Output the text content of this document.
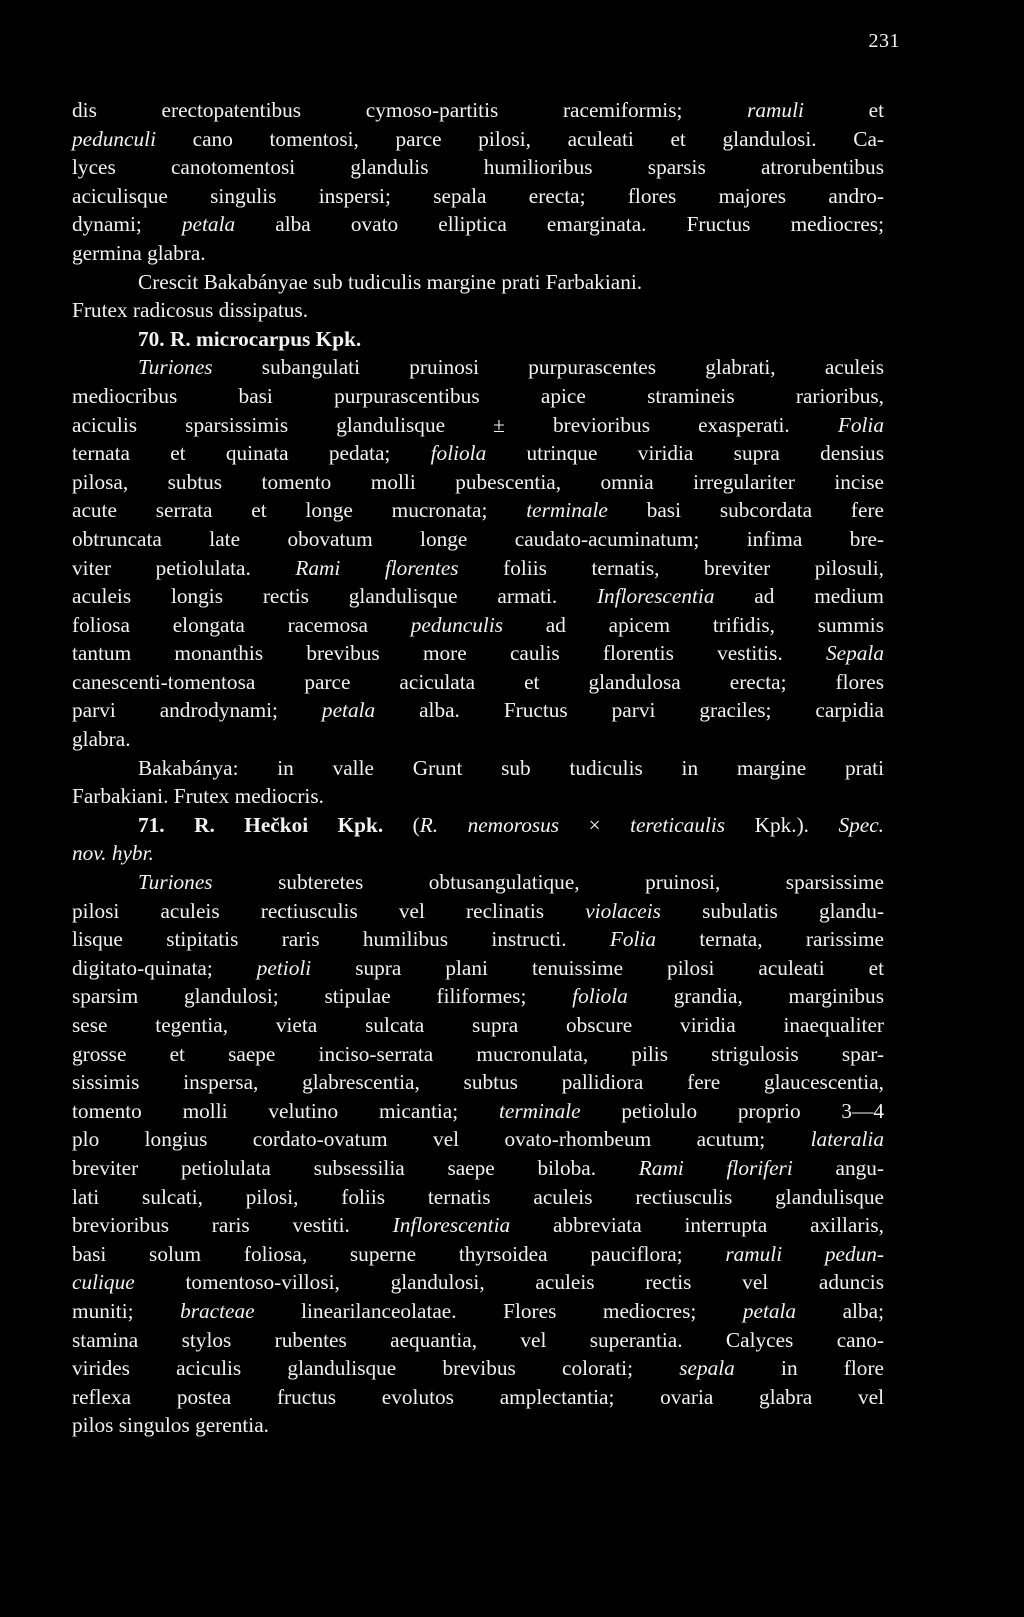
231
dis erectopatentibus cymoso-partitis racemiformis; ramuli et
pedunculi cano tomentosi, parce pilosi, aculeati et glandulosi. Ca-
lyces canotomentosi glandulis humilioribus sparsis atrorubentibus
aciculisque singulis inspersi; sepala erecta; flores majores andro-
dynami; petala alba ovato elliptica emarginata. Fructus mediocres;
germina glabra.
Crescit Bakabányae sub tudiculis margine prati Farbakiani.
Frutex radicosus dissipatus.
70. R. microcarpus Kpk.
Turiones subangulati pruinosi purpurascentes glabrati, aculeis
mediocribus basi purpurascentibus apice stramineis rarioribus,
aciculis sparsissimis glandulisque ± brevioribus exasperati. Folia
ternata et quinata pedata; foliola utrinque viridia supra densius
pilosa, subtus tomento molli pubescentia, omnia irregulariter incise
acute serrata et longe mucronata; terminale basi subcordata fere
obtruncata late obovatum longe caudato-acuminatum; infima bre-
viter petiolulata. Rami florentes foliis ternatis, breviter pilosuli,
aculeis longis rectis glandulisque armati. Inflorescentia ad medium
foliosa elongata racemosa pedunculis ad apicem trifidis, summis
tantum monanthis brevibus more caulis florentis vestitis. Sepala
canescenti-tomentosa parce aciculata et glandulosa erecta; flores
parvi androdynami; petala alba. Fructus parvi graciles; carpidia
glabra.
Bakabánya: in valle Grunt sub tudiculis in margine prati
Farbakiani. Frutex mediocris.
71. R. Hečkoi Kpk. (R. nemorosus × tereticaulis Kpk.). Spec.
nov. hybr.
Turiones subteretes obtusangulatique, pruinosi, sparsissime
pilosi aculeis rectiusculis vel reclinatis violaceis subulatis glandu-
lisque stipitatis raris humilibus instructi. Folia ternata, rarissime
digitato-quinata; petioli supra plani tenuissime pilosi aculeati et
sparsim glandulosi; stipulae filiformes; foliola grandia, marginibus
sese tegentia, vieta sulcata supra obscure viridia inaequaliter
grosse et saepe inciso-serrata mucronulata, pilis strigulosis spar-
sissimis inspersa, glabrescentia, subtus pallidiora fere glaucescentia,
tomento molli velutino micantia; terminale petiolulo proprio 3—4
plo longius cordato-ovatum vel ovato-rhombeum acutum; lateralia
breviter petiolulata subsessilia saepe biloba. Rami floriferi angu-
lati sulcati, pilosi, foliis ternatis aculeis rectiusculis glandulisque
brevioribus raris vestiti. Inflorescentia abbreviata interrupta axillaris,
basi solum foliosa, superne thyrsoidea pauciflora; ramuli pedun-
culique tomentoso-villosi, glandulosi, aculeis rectis vel aduncis
muniti; bracteae linearilanceolatae. Flores mediocres; petala alba;
stamina stylos rubentes aequantia, vel superantia. Calyces cano-
virides aciculis glandulisque brevibus colorati; sepala in flore
reflexa postea fructus evolutos amplectantia; ovaria glabra vel
pilos singulos gerentia.
